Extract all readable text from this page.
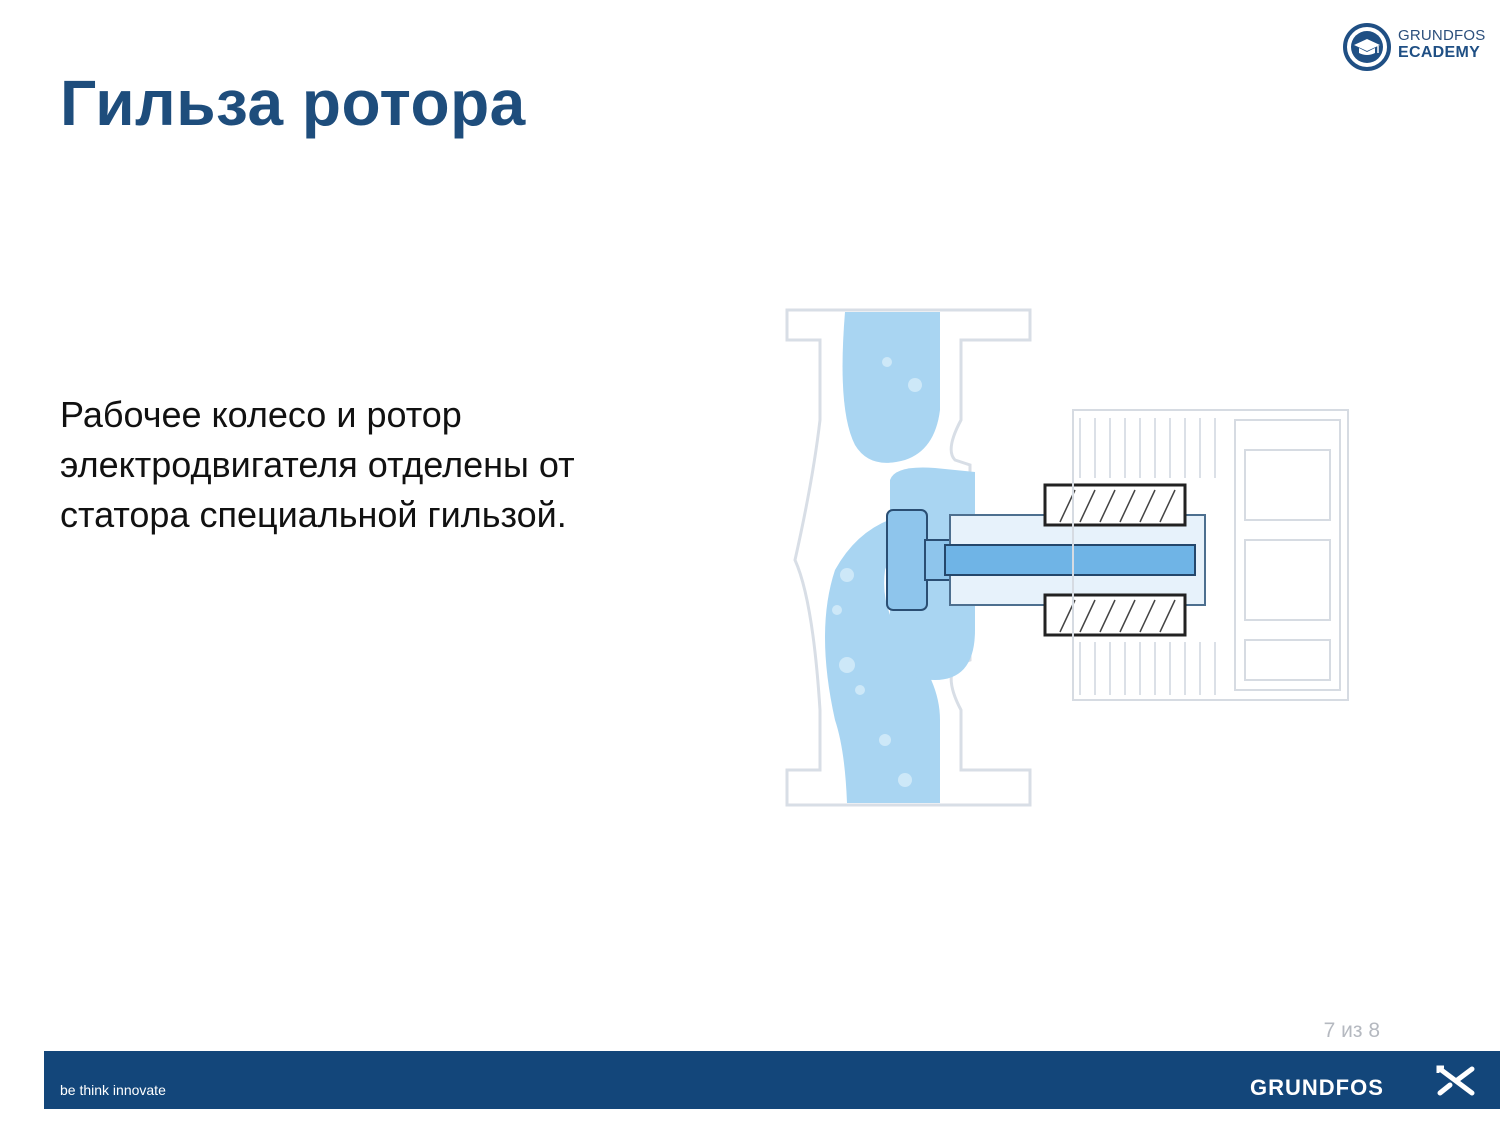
GRUNDFOS
ECADEMY
Гильза ротора
Рабочее колесо и ротор электродвигателя отделены от статора специальной гильзой.
7 из 8
be think innovate	GRUNDFOS
